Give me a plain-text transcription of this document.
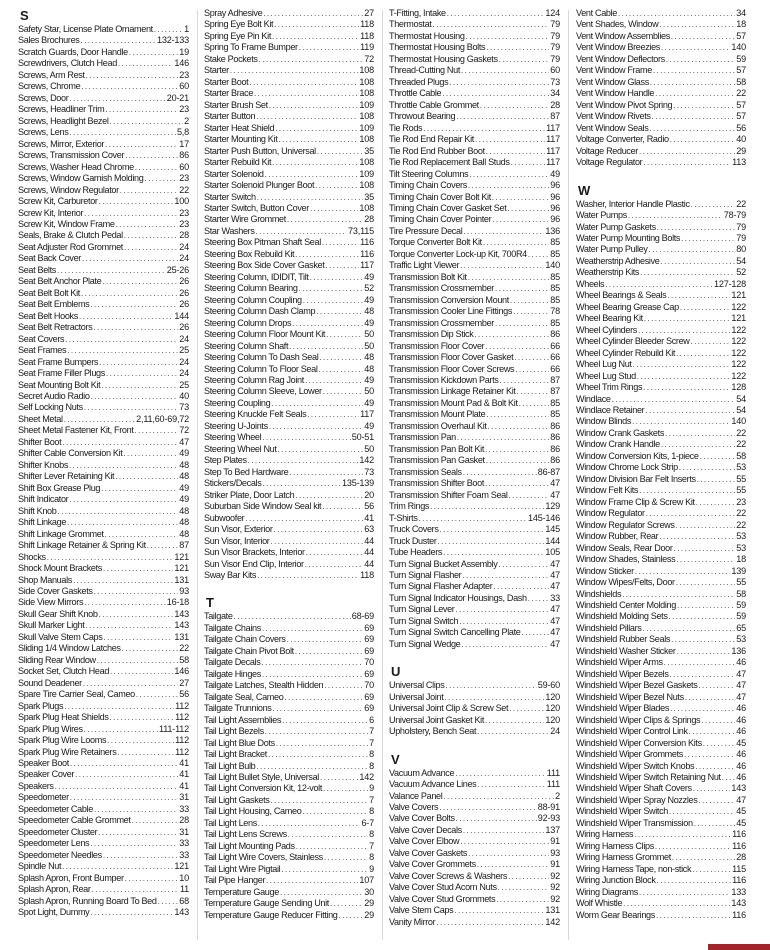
S
Safety Star, License Plate Ornament .....	1
Sales Brochures .....	132-133
Scratch Guards, Door Handle .....	19
Screwdrivers, Clutch Head .....	146
Screws, Arm Rest .....	23
Screws, Chrome .....	60
Screws, Door .....	20-21
Screws, Headliner Trim .....	23
Screws, Headlight Bezel .....	2
Screws, Lens .....	5,8
Screws, Mirror, Exterior .....	17
Screws, Transmission Cover .....	86
Screws, Washer Head Chrome .....	60
Screws, Window Garnish Molding .....	23
Screws, Window Regulator .....	22
Screw Kit, Carburetor .....	100
Screw Kit, Interior .....	23
Screw Kit, Window Frame .....	23
Seals, Brake & Clutch Pedal .....	28
Seat Adjuster Rod Grommet .....	24
Seat Back Cover .....	24
Seat Belts .....	25-26
Seat Belt Anchor Plate .....	26
Seat Belt Bolt Kit .....	26
Seat Belt Emblems .....	26
Seat Belt Hooks .....	144
Seat Belt Retractors .....	26
Seat Covers .....	24
Seat Frames .....	25
Seat Frame Bumpers .....	24
Seat Frame Filler Plugs .....	24
Seat Mounting Bolt Kit .....	25
Secret Audio Radio .....	40
Self Locking Nuts .....	73
Sheet Metal .....	2,11,60-69,72
Sheet Metal Fastener Kit, Front .....	72
Shifter Boot .....	47
Shifter Cable Conversion Kit .....	49
Shifter Knobs .....	48
Shifter Lever Retaining Kit .....	48
Shift Box Grease Plug .....	49
Shift Indicator .....	49
Shift Knob .....	48
Shift Linkage .....	48
Shift Linkage Grommet .....	48
Shift Linkage Retainer & Spring Kit .....	87
Shocks .....	121
Shock Mount Brackets .....	121
Shop Manuals .....	131
Side Cover Gaskets .....	93
Side View Mirrors .....	16-18
Skull Gear Shift Knob .....	143
Skull Marker Light .....	143
Skull Valve Stem Caps .....	131
Sliding 1/4 Window Latches .....	22
Sliding Rear Window .....	58
Socket Set, Clutch Head .....	146
Sound Deadener .....	27
Spare Tire Carrier Seal, Cameo .....	56
Spark Plugs .....	112
Spark Plug Heat Shields .....	112
Spark Plug Wires .....	111-112
Spark Plug Wire Looms .....	112
Spark Plug Wire Retainers .....	112
Speaker Boot .....	41
Speaker Cover .....	41
Speakers .....	41
Speedometer .....	31
Speedometer Cable .....	33
Speedometer Cable Grommet .....	28
Speedometer Cluster .....	31
Speedometer Lens .....	33
Speedometer Needles .....	33
Spindle Nut .....	121
Splash Apron, Front Bumper .....	10
Splash Apron, Rear .....	11
Splash Apron, Running Board To Bed ..... 68
Spot Light, Dummy .....	143
Spray Adhesive .....	27
Spring Eye Bolt Kit .....	118
Spring Eye Pin Kit .....	118
Spring To Frame Bumper .....	119
Stake Pockets .....	72
Starter .....	108
Starter Boot .....	108
Starter Brace .....	108
Starter Brush Set .....	109
Starter Button .....	108
Starter Heat Shield .....	109
Starter Mounting Kit .....	108
Starter Push Button, Universal .....	35
Starter Rebuild Kit .....	108
Starter Solenoid .....	109
Starter Solenoid Plunger Boot .....	108
Starter Switch .....	35
Starter Switch, Button Cover .....	108
Starter Wire Grommet .....	28
Star Washers .....	73,115
Steering Box Pitman Shaft Seal .....	116
Steering Box Rebuild Kit .....	116
Steering Box Side Cover Gasket .....	117
Steering Column, IDIDIT, Tilt .....	49
Steering Column Bearing .....	52
Steering Column Coupling .....	49
Steering Column Dash Clamp .....	48
Steering Column Drops .....	49
Steering Column Floor Mount Kit .....	50
Steering Column Shaft .....	50
Steering Column To Dash Seal .....	48
Steering Column To Floor Seal .....	48
Steering Column Rag Joint .....	49
Steering Column Sleeve, Lower .....	50
Steering Coupling .....	49
Steering Knuckle Felt Seals .....	117
Steering U-Joints .....	49
Steering Wheel .....	50-51
Steering Wheel Nut .....	50
Step Plates .....	142
Step To Bed Hardware .....	73
Stickers/Decals .....	135-139
Striker Plate, Door Latch .....	20
Suburban Side Window Seal kit .....	56
Subwoofer .....	41
Sun Visor, Exterior .....	63
Sun Visor, Interior .....	44
Sun Visor Brackets, Interior .....	44
Sun Visor End Clip, Interior .....	44
Sway Bar Kits .....	118
T
Tailgate .....	68-69
Tailgate Chains .....	69
Tailgate Chain Covers .....	69
Tailgate Chain Pivot Bolt .....	69
Tailgate Decals .....	70
Tailgate Hinges .....	69
Tailgate Latches, Stealth Hidden .....	70
Tailgate Seal, Cameo .....	69
Tailgate Trunnions .....	69
Tail Light Assemblies .....	6
Tail Light Bezels .....	7
Tail Light Blue Dots .....	7
Tail Light Bracket .....	8
Tail Light Bulb .....	8
Tail Light Bullet Style, Universal .....	142
Tail Light Conversion Kit, 12-volt .....	9
Tail Light Gaskets .....	7
Tail Light Housing, Cameo .....	8
Tail Light Lens .....	6-7
Tail Light Lens Screws .....	8
Tail Light Mounting Pads .....	7
Tail Light Wire Covers, Stainless .....	8
Tail Light Wire Pigtail .....	9
Tail Pipe Hanger .....	107
Temperature Gauge .....	30
Temperature Gauge Sending Unit .....	29
Temperature Gauge Reducer Fitting .....	29
T-Fitting, Intake .....	124
Thermostat .....	79
Thermostat Housing .....	79
Thermostat Housing Bolts .....	79
Thermostat Housing Gaskets .....	79
Thread-Cutting Nut .....	60
Threaded Plugs .....	73
Throttle Cable .....	34
Throttle Cable Grommet .....	28
Throwout Bearing .....	87
Tie Rods .....	117
Tie Rod End Repair Kit .....	117
Tie Rod End Rubber Boot .....	117
Tie Rod Replacement Ball Studs .....	117
Tilt Steering Columns .....	49
Timing Chain Covers .....	96
Timing Chain Cover Bolt Kit .....	96
Timing Chain Cover Gasket Set .....	96
Timing Chain Cover Pointer .....	96
Tire Pressure Decal .....	136
Torque Converter Bolt Kit .....	85
Torque Converter Lock-up Kit, 700R4 .....	85
Traffic Light Viewer .....	140
Transmission Bolt Kit .....	85
Transmission Crossmember .....	85
Transmission Conversion Mount .....	85
Transmission Cooler Line Fittings .....	78
Transmission Crossmember .....	85
Transmission Dip Stick .....	86
Transmission Floor Cover .....	66
Transmission Floor Cover Gasket .....	66
Transmission Floor Cover Screws .....	66
Transmission Kickdown Parts .....	87
Transmission Linkage Retainer Kit .....	87
Transmission Mount Pad & Bolt Kit .....	85
Transmission Mount Plate .....	85
Transmission Overhaul Kit .....	86
Transmission Pan .....	86
Transmission Pan Bolt Kit .....	86
Transmission Pan Gasket .....	86
Transmission Seals .....	86-87
Transmission Shifter Boot .....	47
Transmission Shifter Foam Seal .....	47
Trim Rings .....	129
T-Shirts .....	145-146
Truck Covers .....	145
Truck Duster .....	144
Tube Headers .....	105
Turn Signal Bucket Assembly .....	47
Turn Signal Flasher .....	47
Turn Signal Flasher Adapter .....	47
Turn Signal Indicator Housings, Dash .....	33
Turn Signal Lever .....	47
Turn Signal Switch .....	47
Turn Signal Switch Cancelling Plate .....	47
Turn Signal Wedge .....	47
U
Universal Clips .....	59-60
Universal Joint .....	120
Universal Joint Clip & Screw Set .....	120
Universal Joint Gasket Kit .....	120
Upholstery, Bench Seat .....	24
V
Vacuum Advance .....	111
Vacuum Advance Lines .....	111
Valance Panel .....	2
Valve Covers .....	88-91
Valve Cover Bolts .....	92-93
Valve Cover Decals .....	137
Valve Cover Elbow .....	91
Valve Cover Gaskets .....	93
Valve Cover Grommets .....	91
Valve Cover Screws & Washers .....	92
Valve Cover Stud Acorn Nuts .....	92
Valve Cover Stud Grommets .....	92
Valve Stem Caps .....	131
Vanity Mirror .....	142
Vent Cable .....	34
Vent Shades, Window .....	18
Vent Window Assemblies .....	57
Vent Window Breezies .....	140
Vent Window Deflectors .....	59
Vent Window Frame .....	57
Vent Window Glass .....	58
Vent Window Handle .....	22
Vent Window Pivot Spring .....	57
Vent Window Rivets .....	57
Vent Window Seals .....	56
Voltage Converter, Radio .....	40
Voltage Reducer .....	29
Voltage Regulator .....	113
W
Washer, Interior Handle Plastic .....	22
Water Pumps .....	78-79
Water Pump Gaskets .....	79
Water Pump Mounting Bolts .....	79
Water Pump Pulley .....	80
Weatherstrip Adhesive .....	54
Weatherstrip Kits .....	52
Wheels .....	127-128
Wheel Bearings & Seals .....	121
Wheel Bearing Grease Cap .....	122
Wheel Bearing Kit .....	121
Wheel Cylinders .....	122
Wheel Cylinder Bleeder Screw .....	122
Wheel Cylinder Rebuild Kit .....	122
Wheel Lug Nut .....	122
Wheel Lug Stud .....	122
Wheel Trim Rings .....	128
Windlace .....	54
Windlace Retainer .....	54
Window Blinds .....	140
Window Crank Gaskets .....	22
Window Crank Handle .....	22
Window Conversion Kits, 1-piece .....	58
Window Chrome Lock Strip .....	53
Window Division Bar Felt Inserts .....	55
Window Felt Kits .....	55
Window Frame Clip & Screw Kit .....	23
Window Regulator .....	22
Window Regulator Screws .....	22
Window Rubber, Rear .....	53
Window Seals, Rear Door .....	53
Window Shades, Stainless .....	18
Window Sticker .....	139
Window Wipes/Felts, Door .....	55
Windshields .....	58
Windshield Center Molding .....	59
Windshield Molding Sets .....	59
Windshield Pillars .....	65
Windshield Rubber Seals .....	53
Windshield Washer Sticker .....	136
Windshield Wiper Arms .....	46
Windshield Wiper Bezels .....	47
Windshield Wiper Bezel Gaskets .....	47
Windshield Wiper Bezel Nuts .....	47
Windshield Wiper Blades .....	46
Windshield Wiper Clips & Springs .....	46
Windshield Wiper Control Link .....	46
Windshield Wiper Conversion Kits .....	45
Windshield Wiper Grommets .....	46
Windshield Wiper Switch Knobs .....	46
Windshield Wiper Switch Retaining Nut ..... 46
Windshield Wiper Shaft Covers .....	143
Windshield Wiper Spray Nozzles .....	47
Windshield Wiper Switch .....	45
Windshield Wiper Transmission .....	45
Wiring Harness .....	116
Wiring Harness Clips .....	116
Wiring Harness Grommet .....	28
Wiring Harness Tape, non-stick .....	115
Wiring Junction Block .....	116
Wiring Diagrams .....	133
Wolf Whistle .....	143
Worm Gear Bearings .....	116
